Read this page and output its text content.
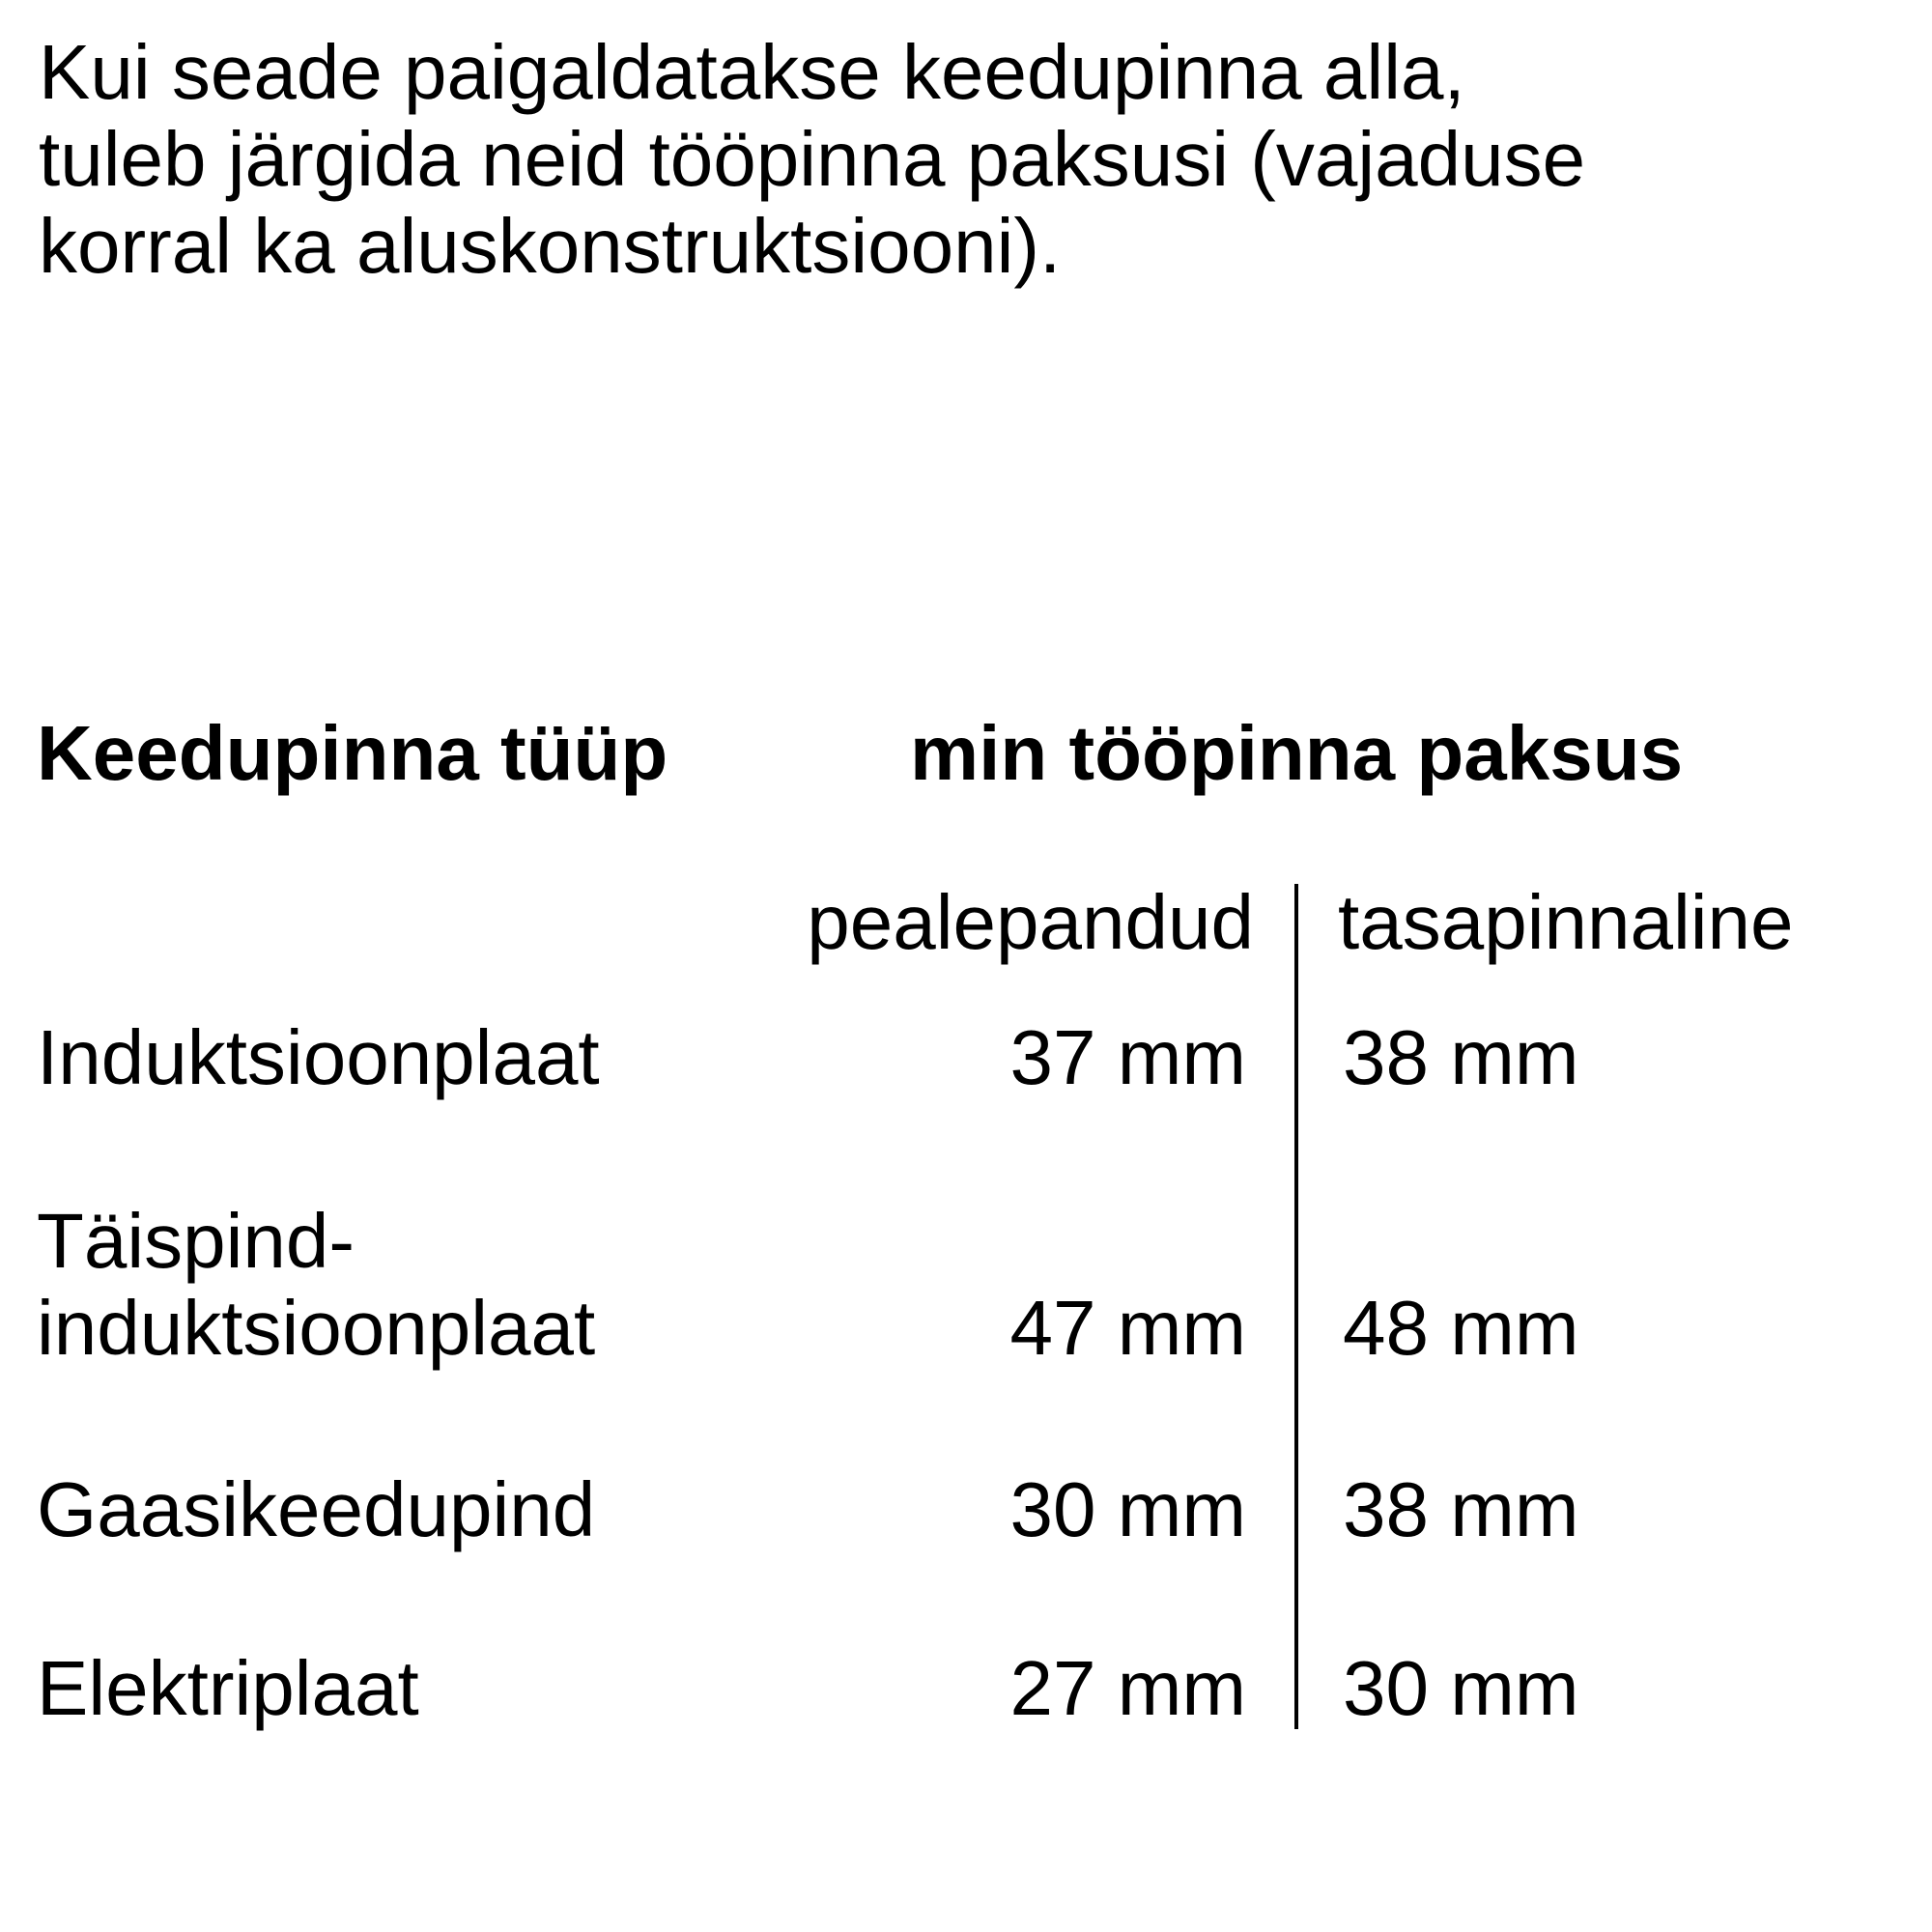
Kui seade paigaldatakse keedupinna alla,
tuleb järgida neid tööpinna paksusi (vajaduse
korral ka aluskonstruktsiooni).
Keedupinna tüüp	min tööpinna paksus
pealepandud tasapinnaline
Induktsioonplaat	37 mm 38 mm
Täispind-
induktsioonplaat	47 mm 48 mm
Gaasikeedupind	30 mm 38 mm
Elektriplaat	27 mm 30 mm
